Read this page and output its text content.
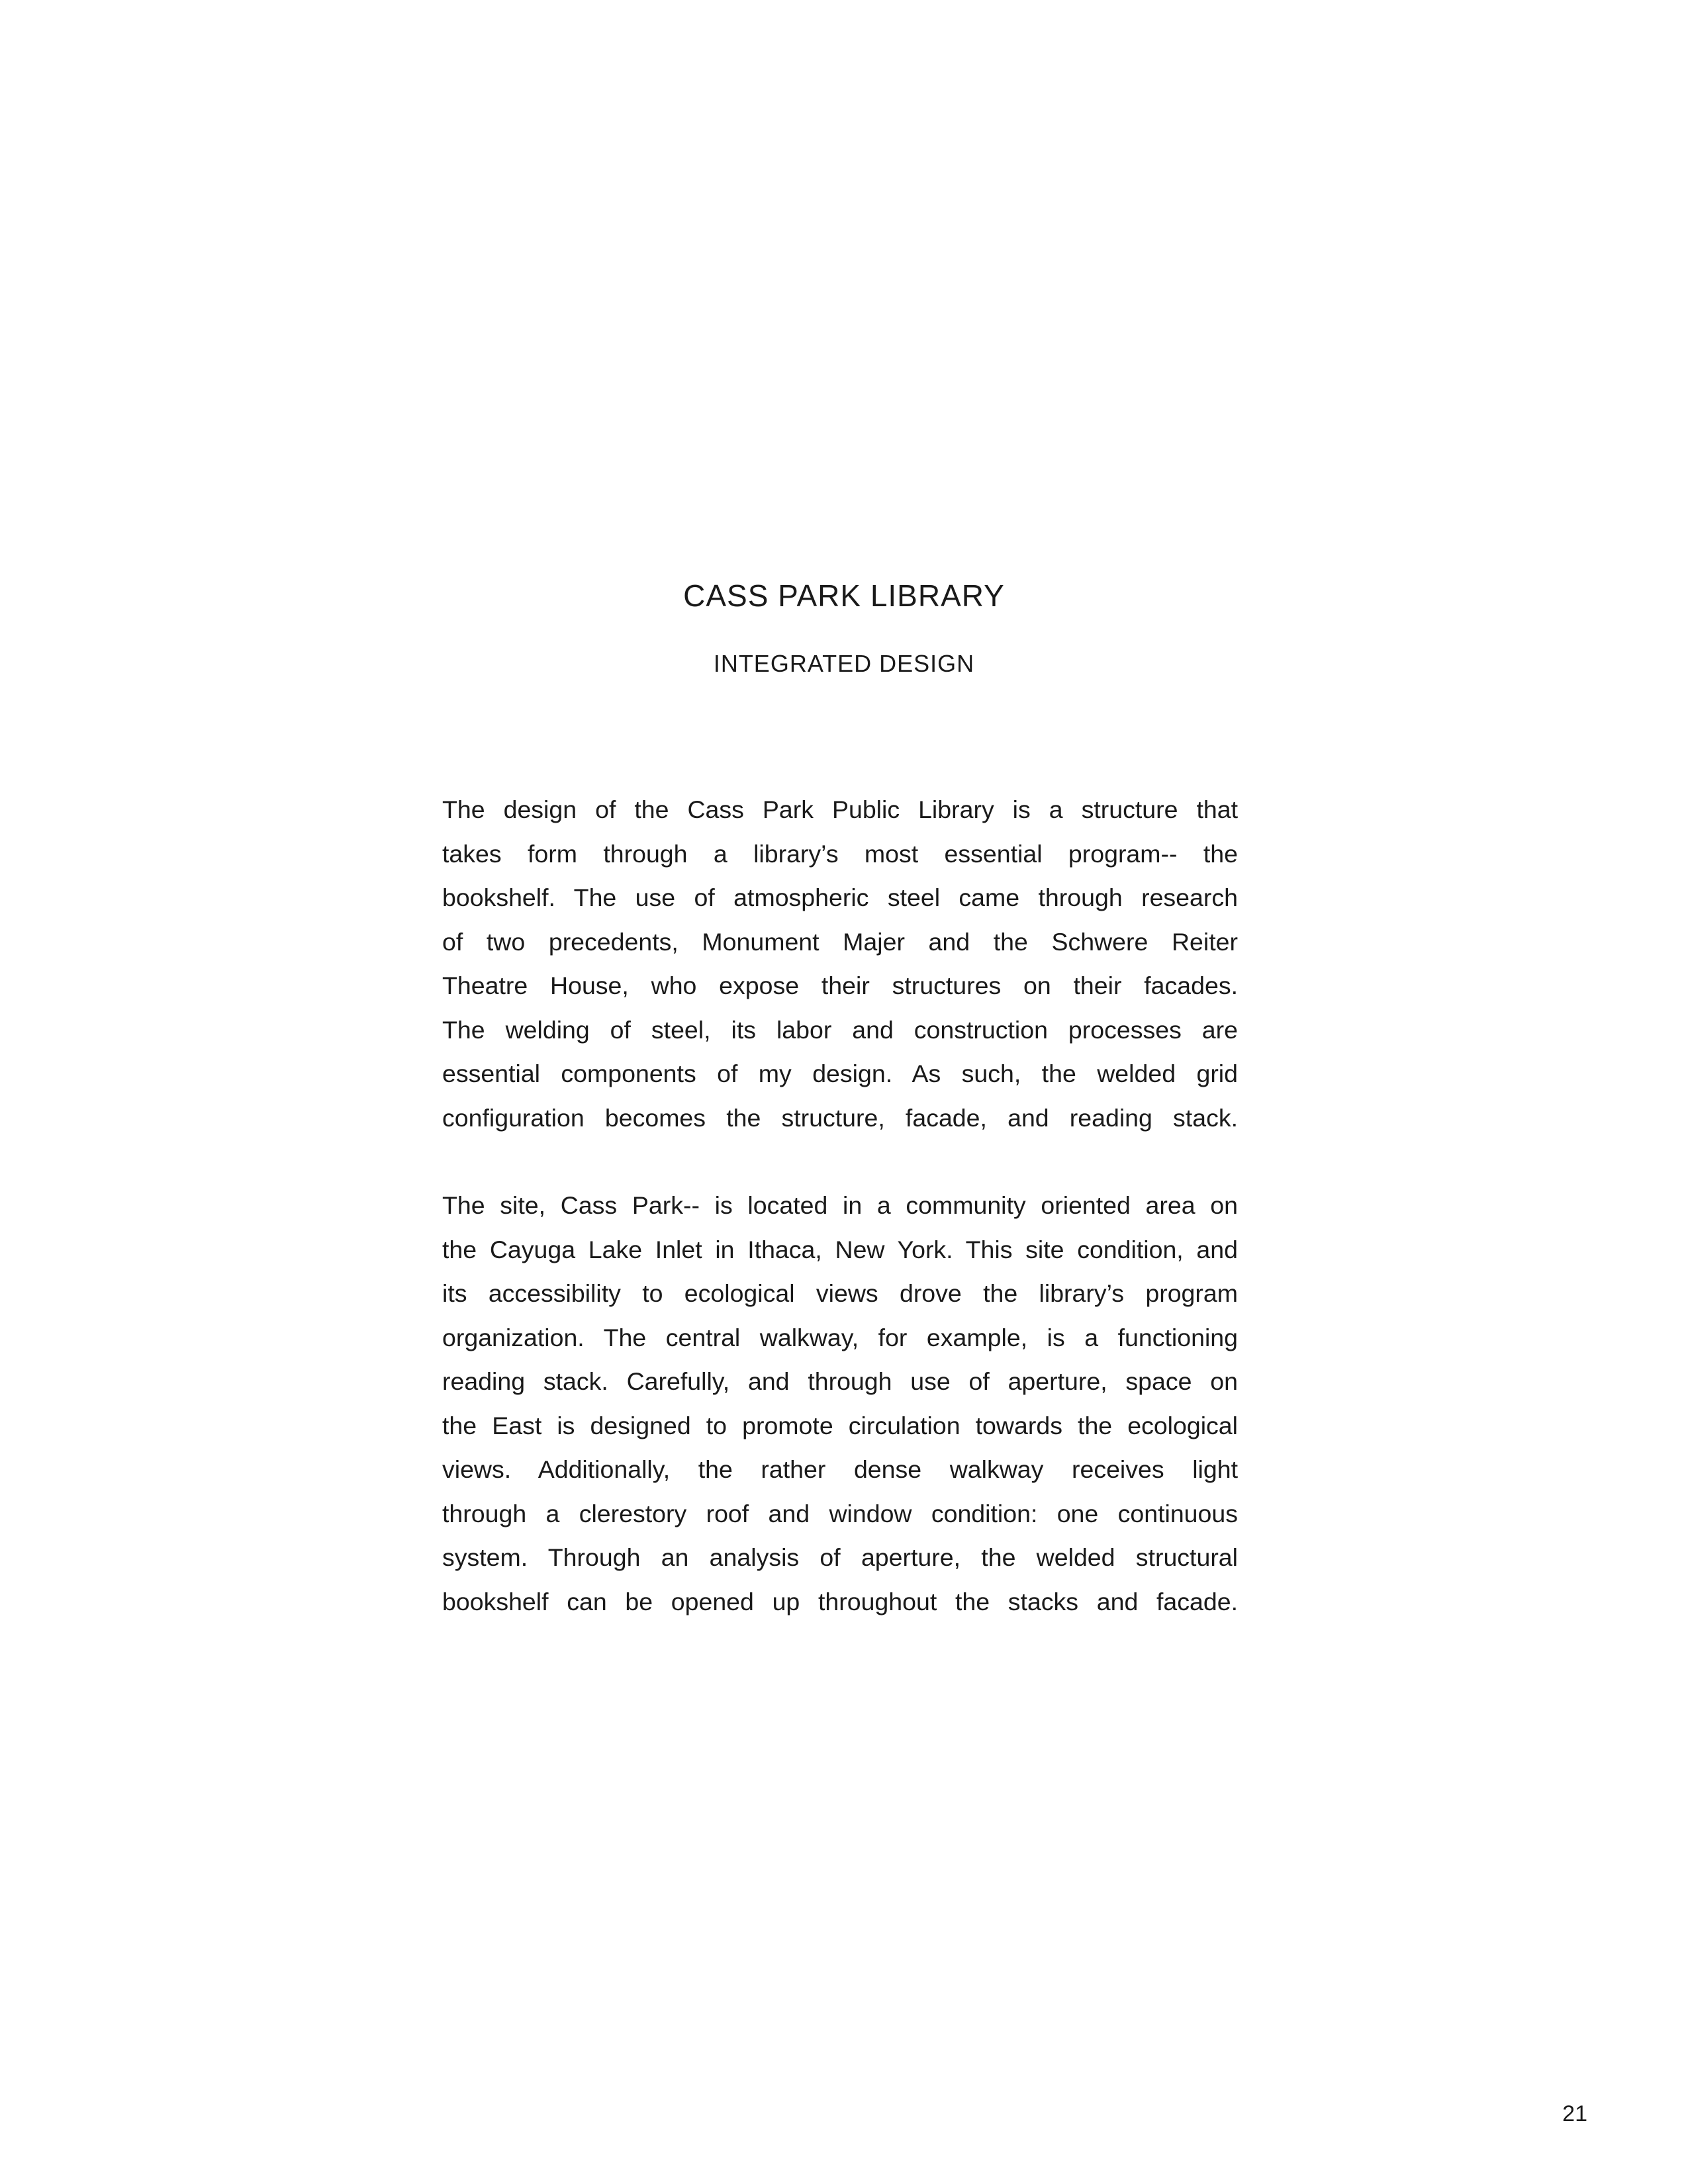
CASS PARK LIBRARY
INTEGRATED DESIGN
The design of the Cass Park Public Library is a structure that
takes form through a library’s most essential program-- the
bookshelf. The use of atmospheric steel came through research
of two precedents, Monument Majer and the Schwere Reiter
Theatre House, who expose their structures on their facades.
The welding of steel, its labor and construction processes are
essential components of my design. As such, the welded grid
configuration becomes the structure, facade, and reading stack.
The site, Cass Park-- is located in a community oriented area on
the Cayuga Lake Inlet in Ithaca, New York. This site condition, and
its accessibility to ecological views drove the library’s program
organization. The central walkway, for example, is a functioning
reading stack. Carefully, and through use of aperture, space on
the East is designed to promote circulation towards the ecological
views. Additionally, the rather dense walkway receives light
through a clerestory roof and window condition: one continuous
system. Through an analysis of aperture, the welded structural
bookshelf can be opened up throughout the stacks and facade.

21
